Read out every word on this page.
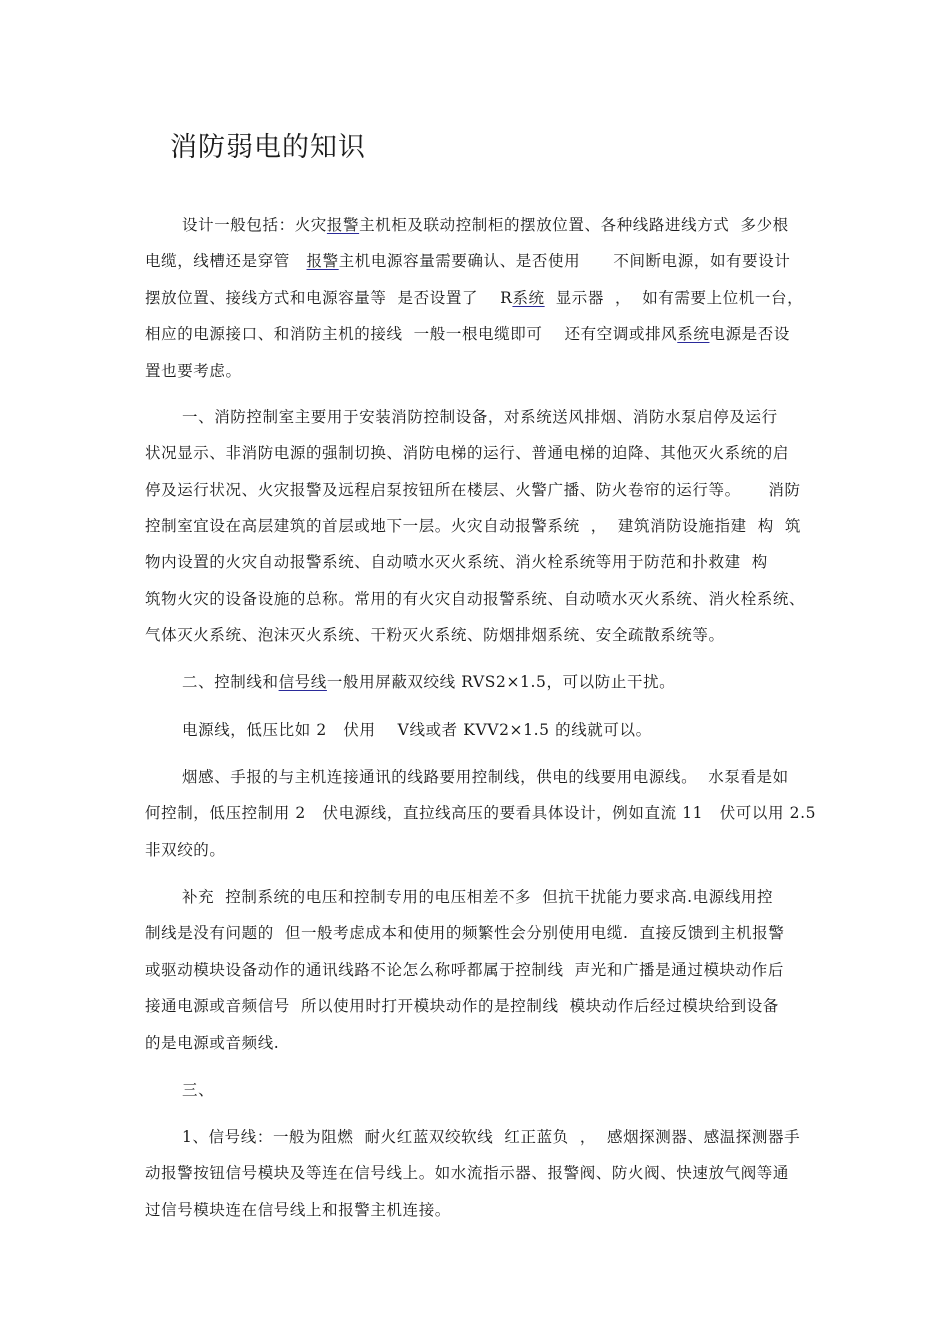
消防弱电的知识
设计一般包括：火灾报警主机柜及联动控制柜的摆放位置、各种线路进线方式  多少根
电缆，线槽还是穿管   报警主机电源容量需要确认、是否使用      不间断电源，如有要设计
摆放位置、接线方式和电源容量等  是否设置了    R系统  显示器  ，  如有需要上位机一台，
相应的电源接口、和消防主机的接线  一般一根电缆即可    还有空调或排风系统电源是否设
置也要考虑。
一、消防控制室主要用于安装消防控制设备，对系统送风排烟、消防水泵启停及运行
状况显示、非消防电源的强制切换、消防电梯的运行、普通电梯的迫降、其他灭火系统的启
停及运行状况、火灾报警及远程启泵按钮所在楼层、火警广播、防火卷帘的运行等。     消防
控制室宜设在高层建筑的首层或地下一层。火灾自动报警系统  ，  建筑消防设施指建  构  筑
物内设置的火灾自动报警系统、自动喷水灭火系统、消火栓系统等用于防范和扑救建  构
筑物火灾的设备设施的总称。常用的有火灾自动报警系统、自动喷水灭火系统、消火栓系统、
气体灭火系统、泡沫灭火系统、干粉灭火系统、防烟排烟系统、安全疏散系统等。
二、控制线和信号线一般用屏蔽双绞线 RVS2×1.5，可以防止干扰。
电源线，低压比如 2   伏用    V线或者 KVV2×1.5 的线就可以。
烟感、手报的与主机连接通讯的线路要用控制线，供电的线要用电源线。  水泵看是如
何控制，低压控制用 2   伏电源线，直拉线高压的要看具体设计，例如直流 11   伏可以用 2.5
非双绞的。
补充  控制系统的电压和控制专用的电压相差不多  但抗干扰能力要求高.电源线用控
制线是没有问题的  但一般考虑成本和使用的频繁性会分别使用电缆.  直接反馈到主机报警
或驱动模块设备动作的通讯线路不论怎么称呼都属于控制线  声光和广播是通过模块动作后
接通电源或音频信号  所以使用时打开模块动作的是控制线  模块动作后经过模块给到设备
的是电源或音频线.
三、
1、信号线：一般为阻燃  耐火红蓝双绞软线  红正蓝负  ，  感烟探测器、感温探测器手
动报警按钮信号模块及等连在信号线上。如水流指示器、报警阀、防火阀、快速放气阀等通
过信号模块连在信号线上和报警主机连接。
